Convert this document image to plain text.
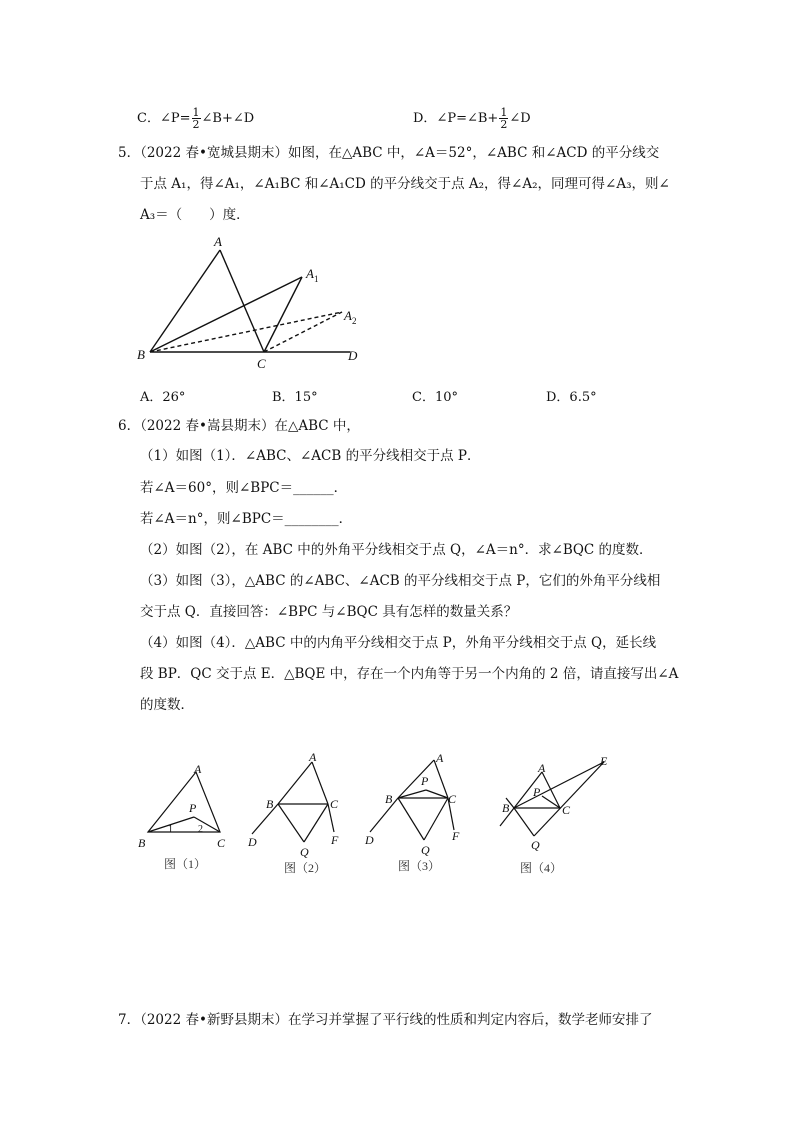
C．∠P= $\frac{1}{2}$ ∠B+∠D	D．∠P=∠B+ $\frac{1}{2}$ ∠D
5．（2022 春•宽城县期末）如图，在△ABC 中，∠A＝52°，∠ABC 和∠ACD 的平分线交
于点 A₁，得∠A₁，∠A₁BC 和∠A₁CD 的平分线交于点 A₂，得∠A₂，同理可得∠A₃，则∠
A₃＝（　　）度．
A
$A_1$
$A_2$
B
C
D
A．26°	B．15°	C．10°	D．6.5°
6．（2022 春•嵩县期末）在△ABC 中，
（1）如图（1）．∠ABC、∠ACB 的平分线相交于点 P．
若∠A＝60°，则∠BPC＝______．
若∠A＝n°，则∠BPC＝________．
（2）如图（2），在 ABC 中的外角平分线相交于点 Q，∠A＝n°．求∠BQC 的度数．
（3）如图（3），△ABC 的∠ABC、∠ACB 的平分线相交于点 P，它们的外角平分线相
交于点 Q．直接回答：∠BPC 与∠BQC 具有怎样的数量关系？
（4）如图（4）．△ABC 中的内角平分线相交于点 P，外角平分线相交于点 Q，延长线
段 BP．QC 交于点 E．△BQE 中，存在一个内角等于另一个内角的 2 倍，请直接写出∠A
的度数．
A
P
B	C
1	2
图（1）
A
B	C
D	F
Q
图（2）
A
P
B	C
D	F
Q
图（3）
A	E
P
B	C
Q
图（4）
7．（2022 春•新野县期末）在学习并掌握了平行线的性质和判定内容后，数学老师安排了
